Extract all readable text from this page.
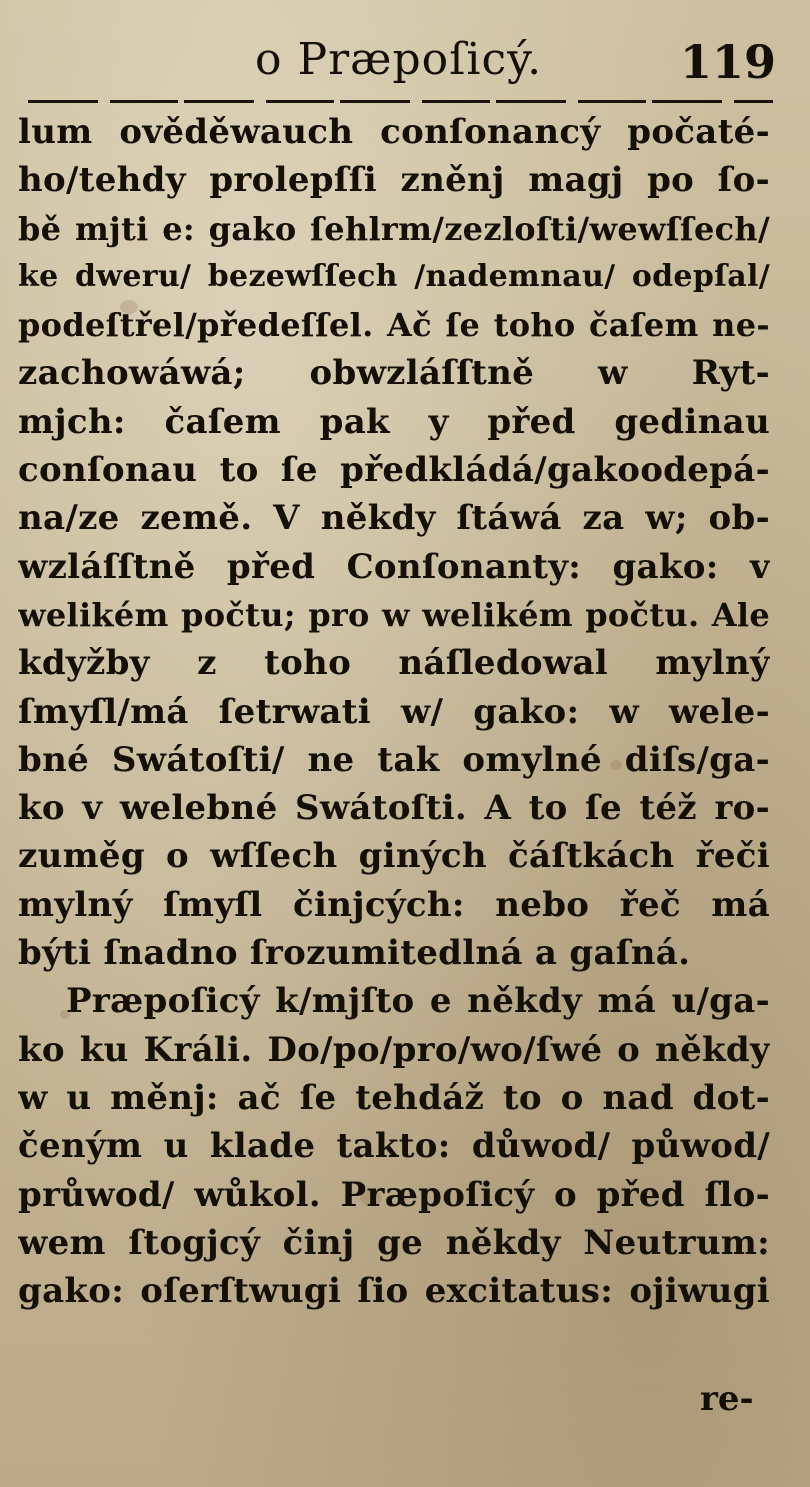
o Præpoſicý.	119
lum ověděwauch conſonancý počaté-
ho/tehdy prolepſſi zněnj magj po ſo-
bě mjti e: gako ſehlrm/zezloſti/wewſſech/
ke dweru/ bezewſſech /nademnau/ odepſal/
podeſtřel/předeſſel. Ač ſe toho čaſem ne-
zachowáwá; obwzláſſtně w Ryt-
mjch: čaſem pak y před gedinau
conſonau to ſe předkládá/gakoodepá-
na/ze země. V někdy ſtáwá za w; ob-
wzláſſtně před Conſonanty: gako: v
welikém počtu; pro w welikém počtu. Ale
kdyžby z toho náſledowal mylný
ſmyſl/má ſetrwati w/ gako: w wele-
bné Swátoſti/ ne tak omylné diſs/ga-
ko v welebné Swátoſti. A to ſe též ro-
zuměg o wſſech giných čáſtkách řeči
mylný ſmyſl činjcých: nebo řeč má
býti ſnadno ſrozumitedlná a gaſná.
Præpoſicý k/mjſto e někdy má u/ga-
ko ku Králi. Do/po/pro/wo/ſwé o někdy
w u měnj: ač ſe tehdáž to o nad dot-
čeným u klade takto: důwod/ půwod/
průwod/ wůkol. Præpoſicý o před ſlo-
wem ſtogjcý činj ge někdy Neutrum:
gako: oſerſtwugi ſio excitatus: ojiwugi
re-
